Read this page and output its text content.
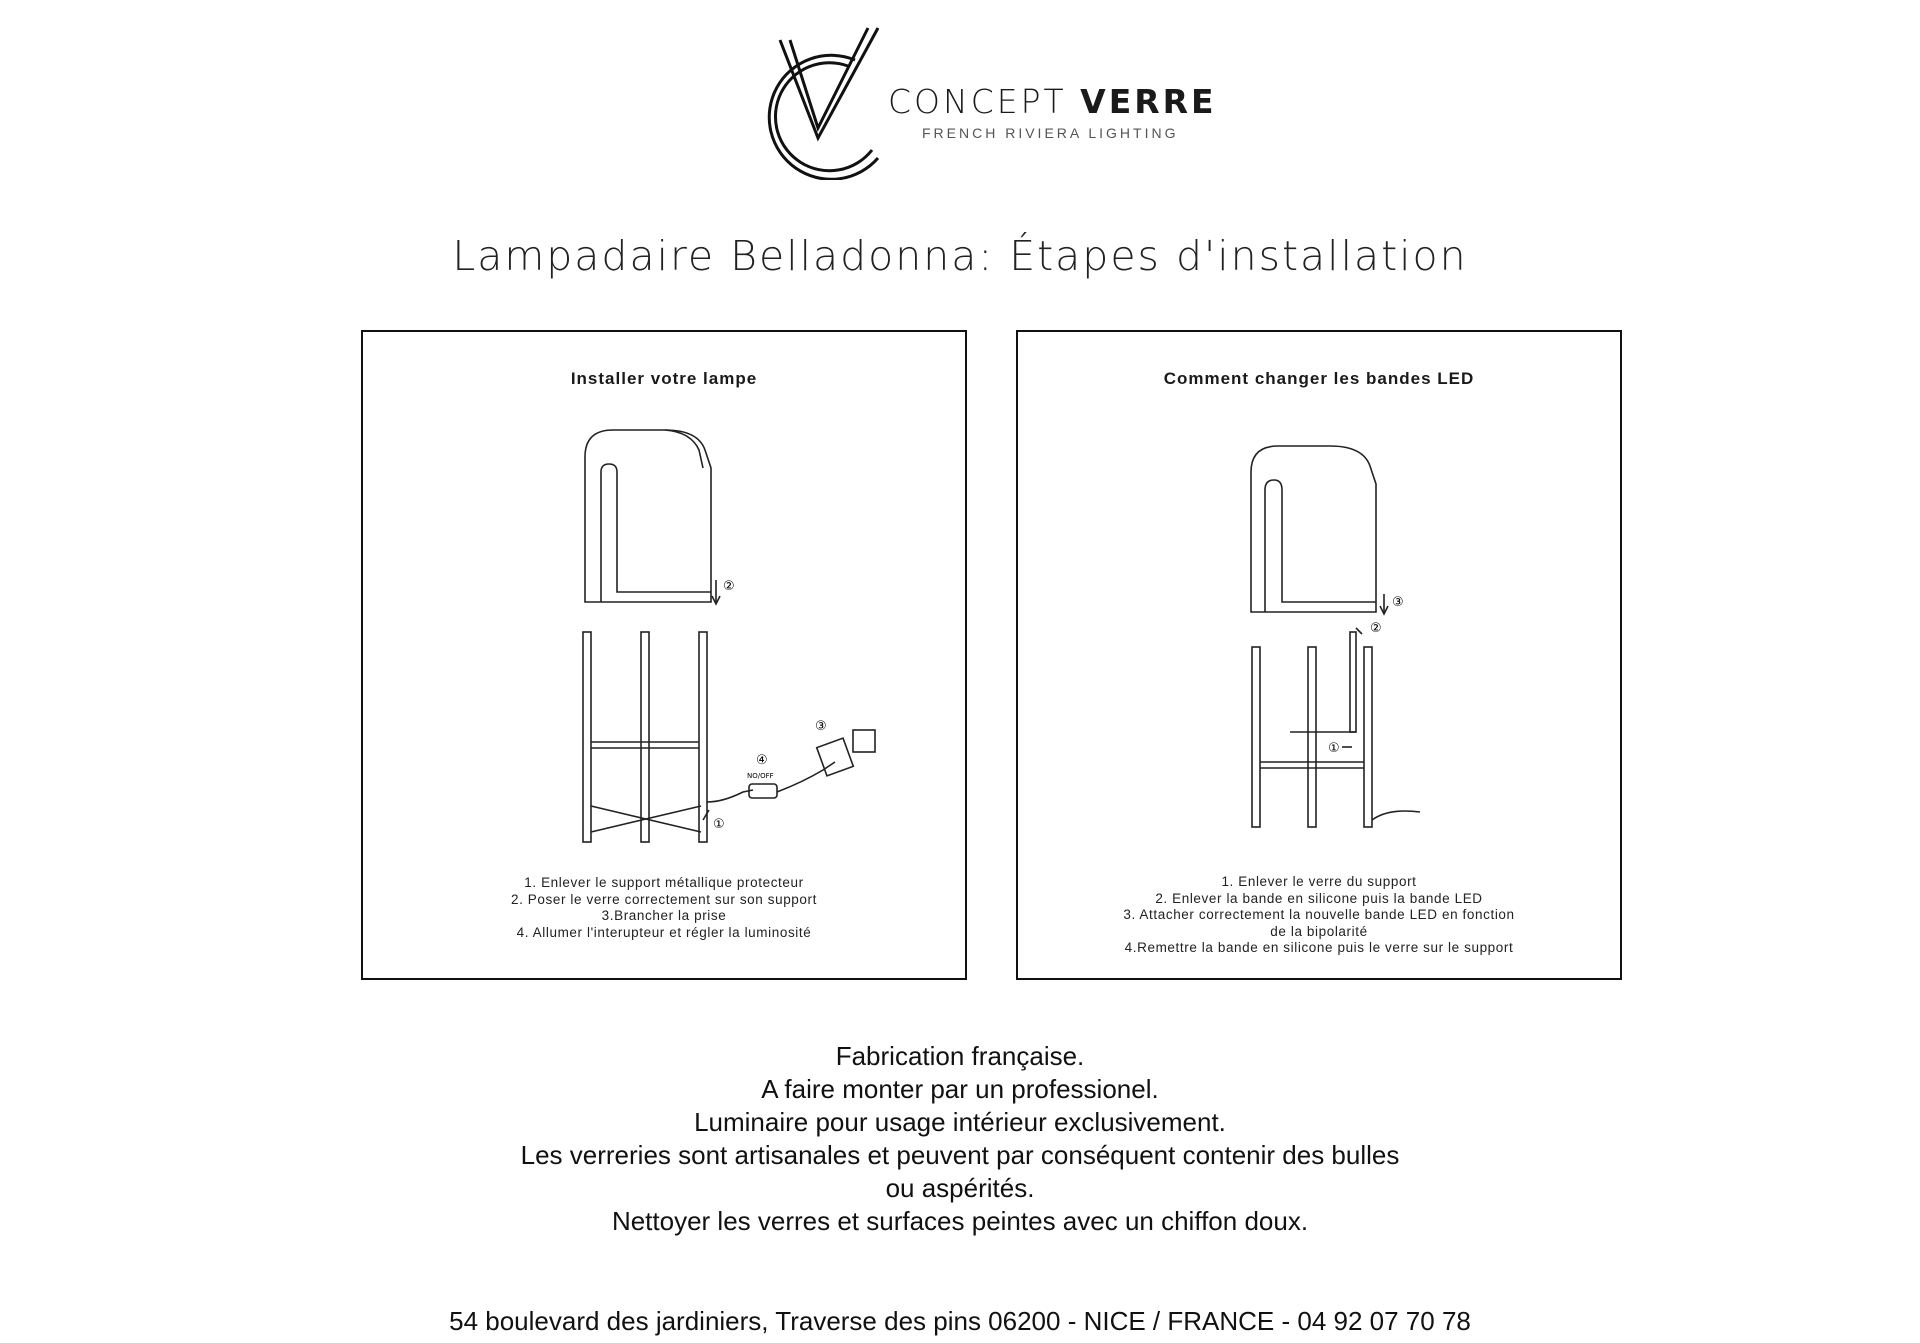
CONCEPT VERRE
FRENCH RIVIERA LIGHTING
Lampadaire Belladonna: Étapes d'installation
Installer votre lampe
②
①
③
④
NO/OFF
1. Enlever le support métallique protecteur
2. Poser le verre correctement sur son support
3.Brancher la prise
4. Allumer l'interupteur et régler la luminosité
Comment changer les bandes LED
③
②
①
1. Enlever le verre du support
2. Enlever la bande en silicone puis la bande LED
3. Attacher correctement la nouvelle bande LED en fonction
de la bipolarité
4.Remettre la bande en silicone puis le verre sur le support
Fabrication française.
A faire monter par un professionel.
Luminaire pour usage intérieur exclusivement.
Les verreries sont artisanales et peuvent par conséquent contenir des bulles
ou aspérités.
Nettoyer les verres et surfaces peintes avec un chiffon doux.
54 boulevard des jardiniers, Traverse des pins 06200 - NICE / FRANCE - 04 92 07 70 78
